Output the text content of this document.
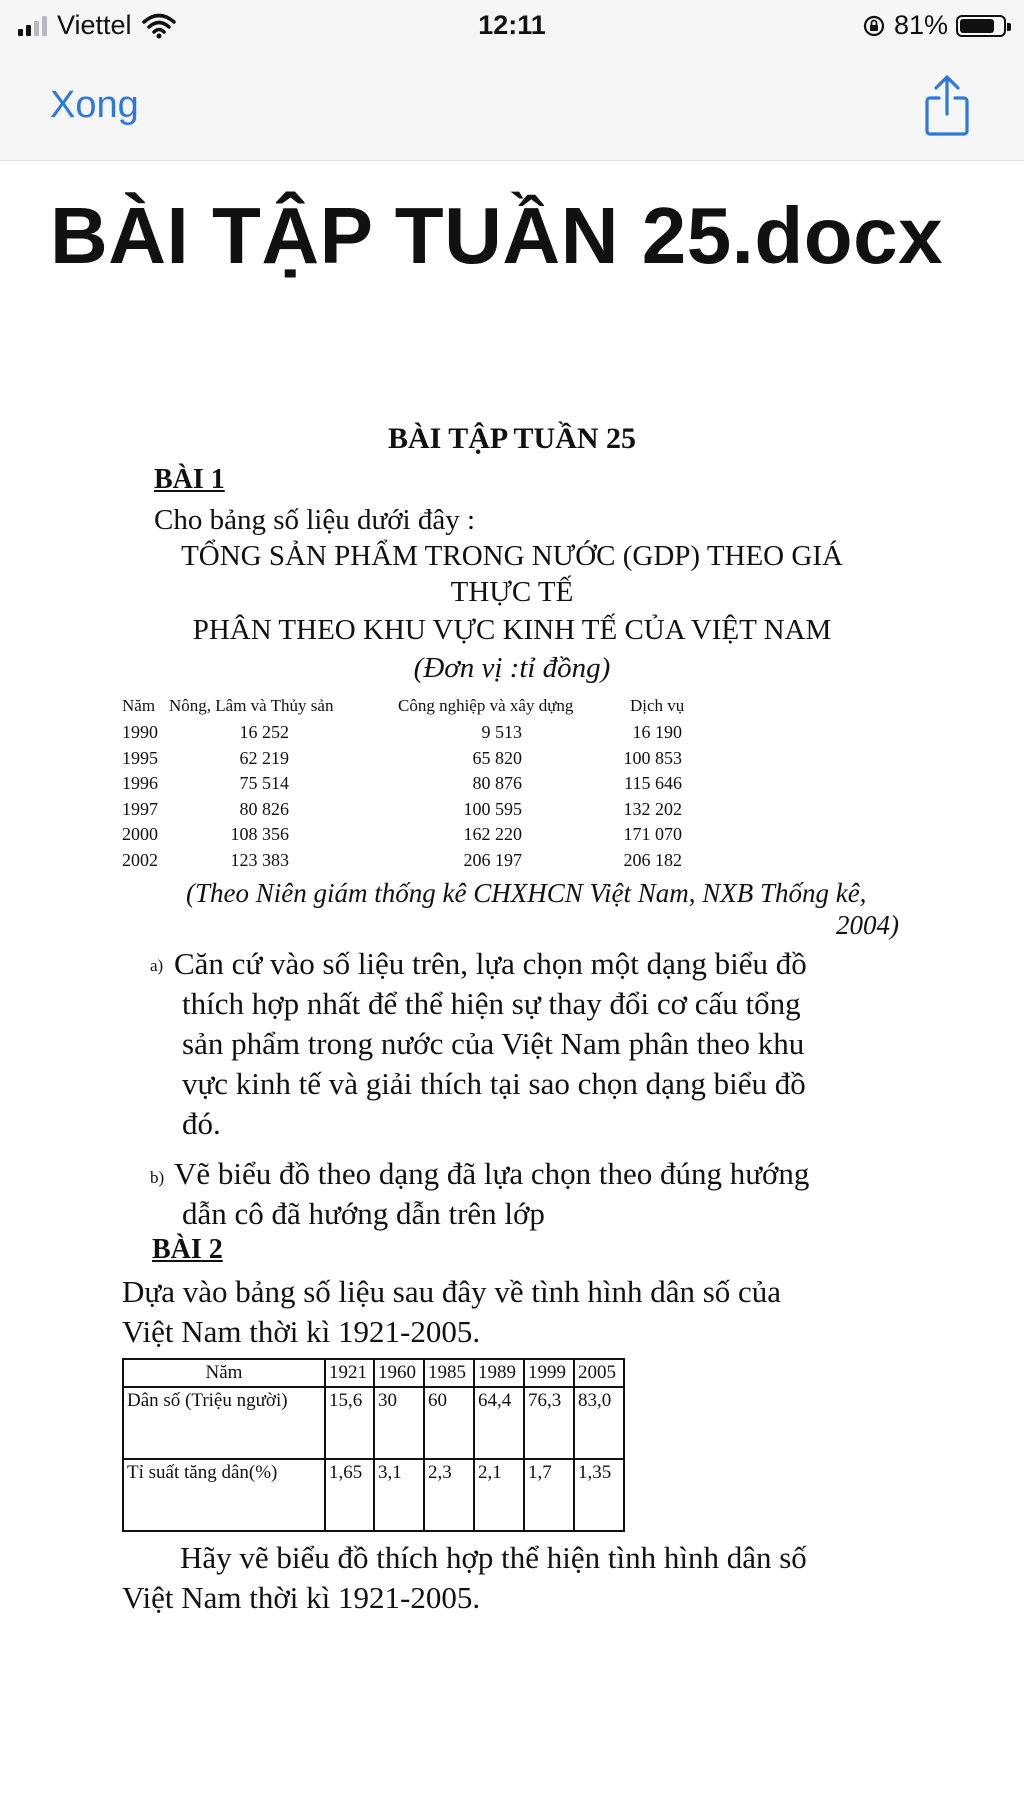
Viettel	12:11	81%
Xong
BÀI TẬP TUẦN 25.docx
BÀI TẬP TUẦN 25
BÀI 1
Cho bảng số liệu dưới đây :
TỔNG SẢN PHẨM TRONG NƯỚC (GDP) THEO GIÁ
THỰC TẾ
PHÂN THEO KHU VỰC KINH TẾ CỦA VIỆT NAM
(Đơn vị :tỉ đồng)
Năm Nông, Lâm và Thủy sản	Công nghiệp và xây dựng	Dịch vụ
1990	16 252	9 513	16 190
1995	62 219	65 820	100 853
1996	75 514	80 876	115 646
1997	80 826	100 595	132 202
2000	108 356	162 220	171 070
2002	123 383	206 197	206 182
(Theo Niên giám thống kê CHXHCN Việt Nam, NXB Thống kê,
2004)
a) Căn cứ vào số liệu trên, lựa chọn một dạng biểu đồ
thích hợp nhất để thể hiện sự thay đổi cơ cấu tổng
sản phẩm trong nước của Việt Nam phân theo khu
vực kinh tế và giải thích tại sao chọn dạng biểu đồ
đó.
b) Vẽ biểu đồ theo dạng đã lựa chọn theo đúng hướng
dẫn cô đã hướng dẫn trên lớp
BÀI 2
Dựa vào bảng số liệu sau đây về tình hình dân số của
Việt Nam thời kì 1921-2005.
Năm	1921	1960	1985	1989	1999	2005
Dân số (Triệu người)	15,6	30	60	64,4	76,3	83,0
Tỉ suất tăng dân(%)	1,65	3,1	2,3	2,1	1,7	1,35
Hãy vẽ biểu đồ thích hợp thể hiện tình hình dân số
Việt Nam thời kì 1921-2005.
